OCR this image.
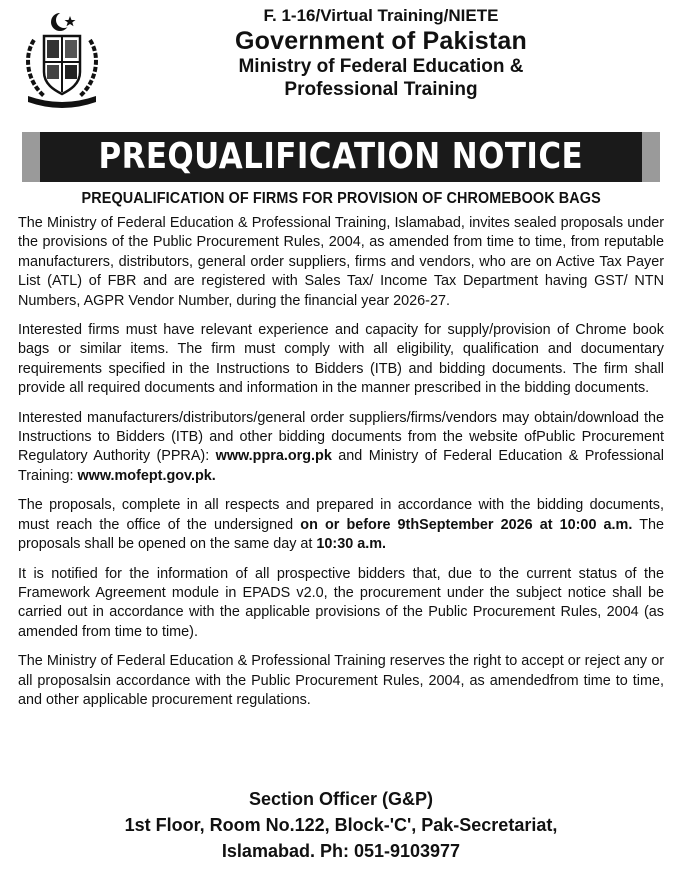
F. 1-16/Virtual Training/NIETE
Government of Pakistan
Ministry of Federal Education &
Professional Training
PREQUALIFICATION NOTICE
PREQUALIFICATION OF FIRMS FOR PROVISION OF CHROMEBOOK BAGS

The Ministry of Federal Education & Professional Training, Islamabad, invites sealed proposals under the provisions of the Public Procurement Rules, 2004, as amended from time to time, from reputable manufacturers, distributors, general order suppliers, firms and vendors, who are on Active Tax Payer List (ATL) of FBR and are registered with Sales Tax/ Income Tax Department having GST/ NTN Numbers, AGPR Vendor Number, during the financial year 2026-27.

Interested firms must have relevant experience and capacity for supply/provision of Chrome book bags or similar items. The firm must comply with all eligibility, qualification and documentary requirements specified in the Instructions to Bidders (ITB) and bidding documents. The firm shall provide all required documents and information in the manner prescribed in the bidding documents.

Interested manufacturers/distributors/general order suppliers/firms/vendors may obtain/download the Instructions to Bidders (ITB) and other bidding documents from the website ofPublic Procurement Regulatory Authority (PPRA): www.ppra.org.pk and Ministry of Federal Education & Professional Training: www.mofept.gov.pk.

The proposals, complete in all respects and prepared in accordance with the bidding documents, must reach the office of the undersigned on or before 9thSeptember 2026 at 10:00 a.m. The proposals shall be opened on the same day at 10:30 a.m.

It is notified for the information of all prospective bidders that, due to the current status of the Framework Agreement module in EPADS v2.0, the procurement under the subject notice shall be carried out in accordance with the applicable provisions of the Public Procurement Rules, 2004 (as amended from time to time).

The Ministry of Federal Education & Professional Training reserves the right to accept or reject any or all proposalsin accordance with the Public Procurement Rules, 2004, as amendedfrom time to time, and other applicable procurement regulations.

Section Officer (G&P)
1st Floor, Room No.122, Block-'C', Pak-Secretariat,
Islamabad. Ph: 051-9103977
